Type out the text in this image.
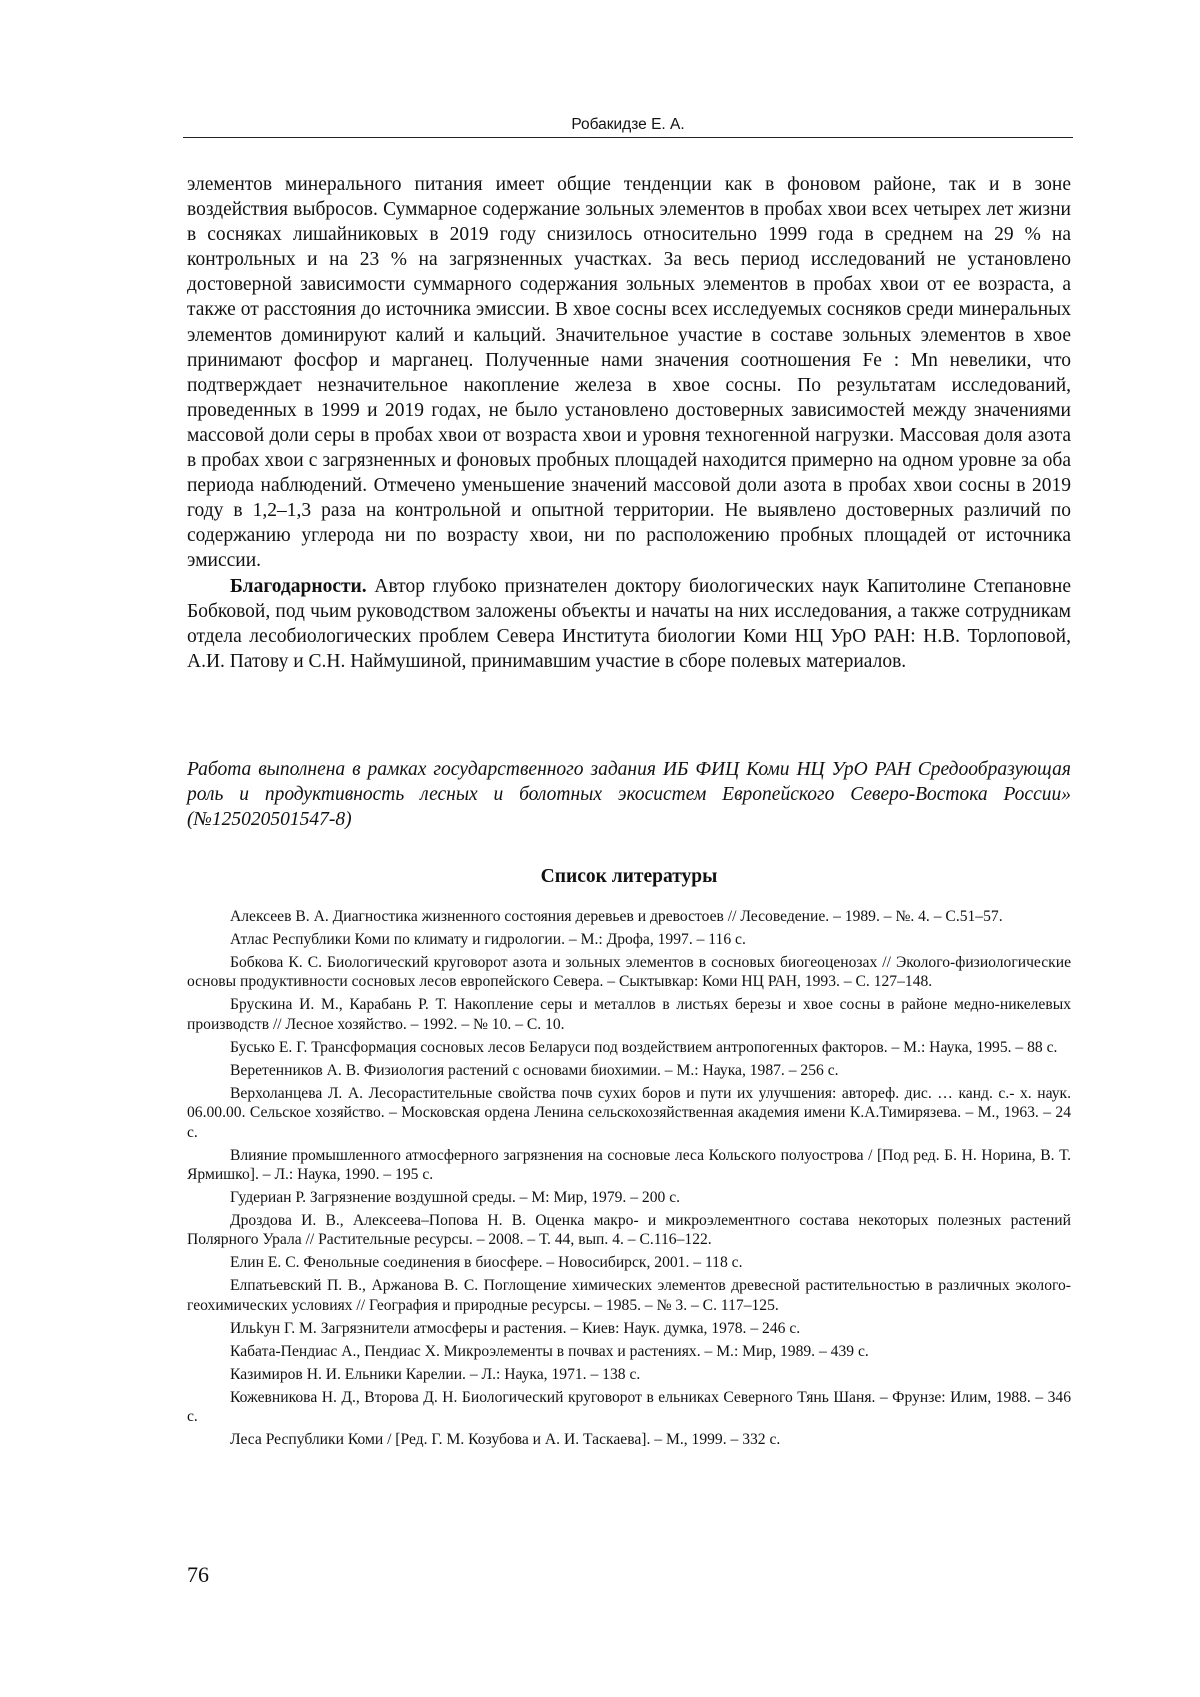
Робакидзе Е. А.

элементов минерального питания имеет общие тенденции как в фоновом районе, так и в зоне воздействия выбросов. Суммарное содержание зольных элементов в пробах хвои всех четырех лет жизни в сосняках лишайниковых в 2019 году снизилось относительно 1999 года в среднем на 29 % на контрольных и на 23 % на загрязненных участках. За весь период исследований не установлено достоверной зависимости суммарного содержания зольных элементов в пробах хвои от ее возраста, а также от расстояния до источника эмиссии. В хвое сосны всех исследуемых сосняков среди минеральных элементов доминируют калий и кальций. Значительное участие в составе зольных элементов в хвое принимают фосфор и марганец. Полученные нами значения соотношения Fe : Mn невелики, что подтверждает незначительное накопление железа в хвое сосны. По результатам исследований, проведенных в 1999 и 2019 годах, не было установлено достоверных зависимостей между значениями массовой доли серы в пробах хвои от возраста хвои и уровня техногенной нагрузки. Массовая доля азота в пробах хвои с загрязненных и фоновых пробных площадей находится примерно на одном уровне за оба периода наблюдений. Отмечено уменьшение значений массовой доли азота в пробах хвои сосны в 2019 году в 1,2–1,3 раза на контрольной и опытной территории. Не выявлено достоверных различий по содержанию углерода ни по возрасту хвои, ни по расположению пробных площадей от источника эмиссии.

Благодарности. Автор глубоко признателен доктору биологических наук Капитолине Степановне Бобковой, под чьим руководством заложены объекты и начаты на них исследования, а также сотрудникам отдела лесобиологических проблем Севера Института биологии Коми НЦ УрО РАН: Н.В. Торлоповой, А.И. Патову и С.Н. Наймушиной, принимавшим участие в сборе полевых материалов.

Работа выполнена в рамках государственного задания ИБ ФИЦ Коми НЦ УрО РАН Средообразующая роль и продуктивность лесных и болотных экосистем Европейского Северо-Востока России» (№125020501547-8)
Список литературы

Алексеев В. А. Диагностика жизненного состояния деревьев и древостоев // Лесоведение. – 1989. – №. 4. – С.51–57.

Атлас Республики Коми по климату и гидрологии. – М.: Дрофа, 1997. – 116 с.

Бобкова К. С. Биологический круговорот азота и зольных элементов в сосновых биогеоценозах // Эколого-физиологические основы продуктивности сосновых лесов европейского Севера. – Сыктывкар: Коми НЦ РАН, 1993. – С. 127–148.

Брускина И. М., Карабань Р. Т. Накопление серы и металлов в листьях березы и хвое сосны в районе медно-никелевых производств // Лесное хозяйство. – 1992. – № 10. – С. 10.

Бусько Е. Г. Трансформация сосновых лесов Беларуси под воздействием антропогенных факторов. – М.: Наука, 1995. – 88 с.

Веретенников А. В. Физиология растений с основами биохимии. – М.: Наука, 1987. – 256 с.

Верхоланцева Л. А. Лесорастительные свойства почв сухих боров и пути их улучшения: автореф. дис. … канд. с.- х. наук. 06.00.00. Сельское хозяйство. – Московская ордена Ленина сельскохозяйственная академия имени К.А.Тимирязева. – М., 1963. – 24 с.

Влияние промышленного атмосферного загрязнения на сосновые леса Кольского полуострова / [Под ред. Б. Н. Норина, В. Т. Ярмишко]. – Л.: Наука, 1990. – 195 с.

Гудериан Р. Загрязнение воздушной среды. – М: Мир, 1979. – 200 с.

Дроздова И. В., Алексеева–Попова Н. В. Оценка макро- и микроэлементного состава некоторых полезных растений Полярного Урала // Растительные ресурсы. – 2008. – Т. 44, вып. 4. – С.116–122.

Елин Е. С. Фенольные соединения в биосфере. – Новосибирск, 2001. – 118 с.

Елпатьевский П. В., Аржанова В. С. Поглощение химических элементов древесной растительностью в различных эколого-геохимических условиях // География и природные ресурсы. – 1985. – № 3. – С. 117–125.

Ильkун Г. М. Загрязнители атмосферы и растения. – Киев: Наук. думка, 1978. – 246 с.

Кабата-Пендиас А., Пендиас Х. Микроэлементы в почвах и растениях. – М.: Мир, 1989. – 439 с.

Казимиров Н. И. Ельники Карелии. – Л.: Наука, 1971. – 138 с.

Кожевникова Н. Д., Второва Д. Н. Биологический круговорот в ельниках Северного Тянь Шаня. – Фрунзе: Илим, 1988. – 346 с.

Леса Республики Коми / [Ред. Г. М. Козубова и А. И. Таскаева]. – М., 1999. – 332 с.

76
